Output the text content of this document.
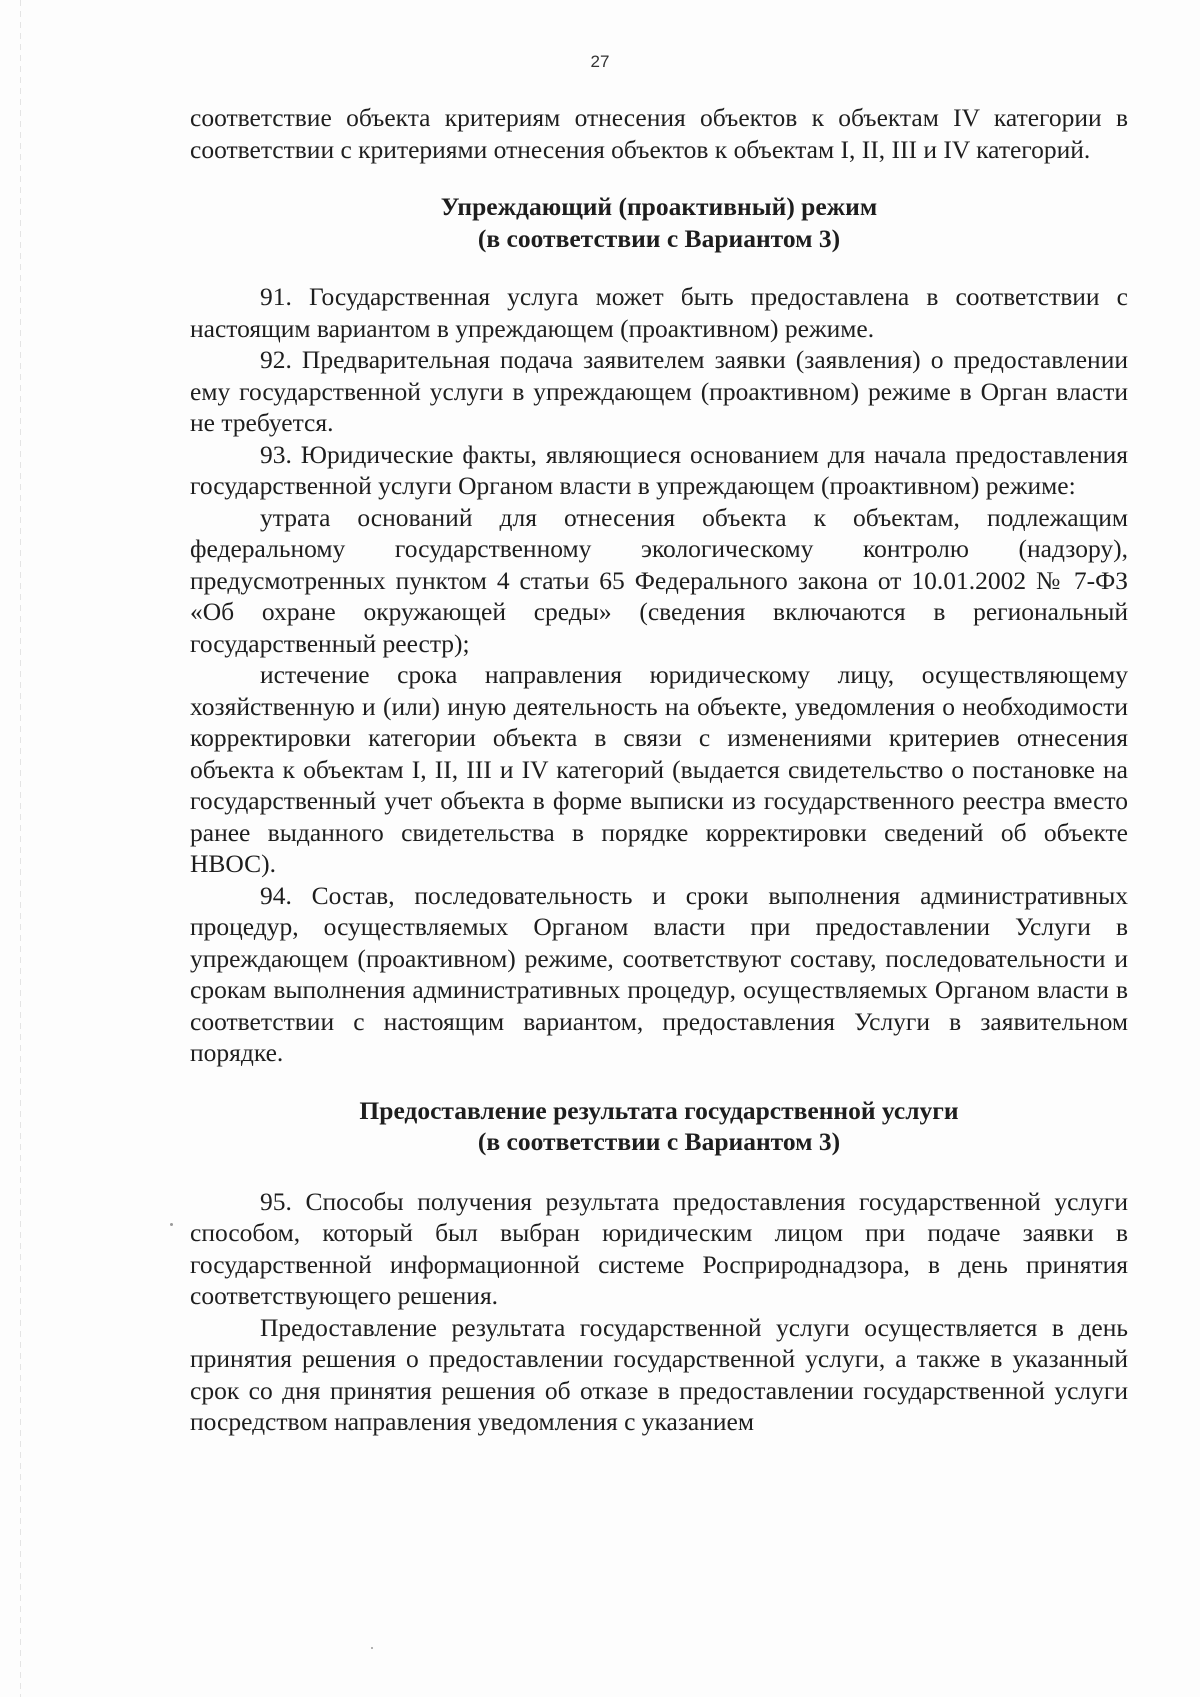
27

соответствие объекта критериям отнесения объектов к объектам IV категории в соответствии с критериями отнесения объектов к объектам I, II, III и IV категорий.

Упреждающий (проактивный) режим
(в соответствии с Вариантом 3)

91. Государственная услуга может быть предоставлена в соответствии с настоящим вариантом в упреждающем (проактивном) режиме.

92. Предварительная подача заявителем заявки (заявления) о предоставлении ему государственной услуги в упреждающем (проактивном) режиме в Орган власти не требуется.

93. Юридические факты, являющиеся основанием для начала предоставления государственной услуги Органом власти в упреждающем (проактивном) режиме:

утрата оснований для отнесения объекта к объектам, подлежащим федеральному государственному экологическому контролю (надзору), предусмотренных пунктом 4 статьи 65 Федерального закона от 10.01.2002 № 7-ФЗ «Об охране окружающей среды» (сведения включаются в региональный государственный реестр);

истечение срока направления юридическому лицу, осуществляющему хозяйственную и (или) иную деятельность на объекте, уведомления о необходимости корректировки категории объекта в связи с изменениями критериев отнесения объекта к объектам I, II, III и IV категорий (выдается свидетельство о постановке на государственный учет объекта в форме выписки из государственного реестра вместо ранее выданного свидетельства в порядке корректировки сведений об объекте НВОС).

94. Состав, последовательность и сроки выполнения административных процедур, осуществляемых Органом власти при предоставлении Услуги в упреждающем (проактивном) режиме, соответствуют составу, последовательности и срокам выполнения административных процедур, осуществляемых Органом власти в соответствии с настоящим вариантом, предоставления Услуги в заявительном порядке.

Предоставление результата государственной услуги
(в соответствии с Вариантом 3)

95. Способы получения результата предоставления государственной услуги способом, который был выбран юридическим лицом при подаче заявки в государственной информационной системе Росприроднадзора, в день принятия соответствующего решения.

Предоставление результата государственной услуги осуществляется в день принятия решения о предоставлении государственной услуги, а также в указанный срок со дня принятия решения об отказе в предоставлении государственной услуги посредством направления уведомления с указанием
